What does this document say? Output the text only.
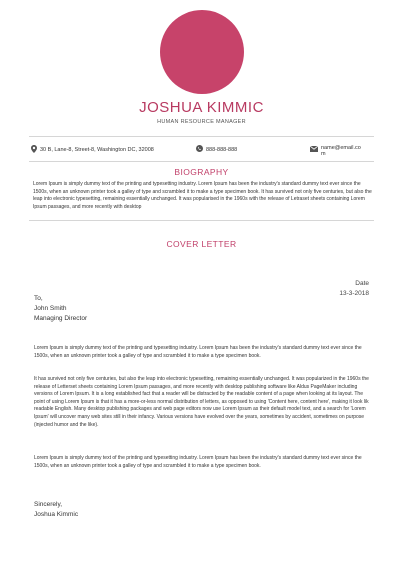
JOSHUA KIMMIC
HUMAN RESOURCE MANAGER
30 B, Lane-8, Street-8, Washington DC, 32008	888-888-888	name@email.co
m
BIOGRAPHY
Lorem Ipsum is simply dummy text of the printing and typesetting industry. Lorem Ipsum has been the industry's standard dummy text ever since the 1500s, when an unknown printer took a galley of type and scrambled it to make a type specimen book. It has survived not only five centuries, but also the leap into electronic typesetting, remaining essentially unchanged. It was popularised in the 1960s with the release of Letraset sheets containing Lorem Ipsum passages, and more recently with desktop
COVER LETTER
Date
13-3-2018
To,
John Smith
Managing Director
Lorem Ipsum is simply dummy text of the printing and typesetting industry. Lorem Ipsum has been the industry's standard dummy text ever since the 1500s, when an unknown printer took a galley of type and scrambled it to make a type specimen book.
It has survived not only five centuries, but also the leap into electronic typesetting, remaining essentially unchanged. It was popularized in the 1960s the release of Letterset sheets containing Lorem Ipsum passages, and more recently with desktop publishing software like Aldus PageMaker including versions of Lorem Ipsum. It is a long established fact that a reader will be distracted by the readable content of a page when looking at its layout. The point of using Lorem Ipsum is that it has a more-or-less normal distribution of letters, as opposed to using 'Content here, content here', making it look lik readable English. Many desktop publishing packages and web page editors now use Lorem Ipsum as their default model text, and a search for 'Lorem Ipsum' will uncover many web sites still in their infancy. Various versions have evolved over the years, sometimes by accident, sometimes on purpose (injected humor and the like).
Lorem Ipsum is simply dummy text of the printing and typesetting industry. Lorem Ipsum has been the industry's standard dummy text ever since the 1500s, when an unknown printer took a galley of type and scrambled it to make a type specimen book.
Sincerely,
Joshua Kimmic
